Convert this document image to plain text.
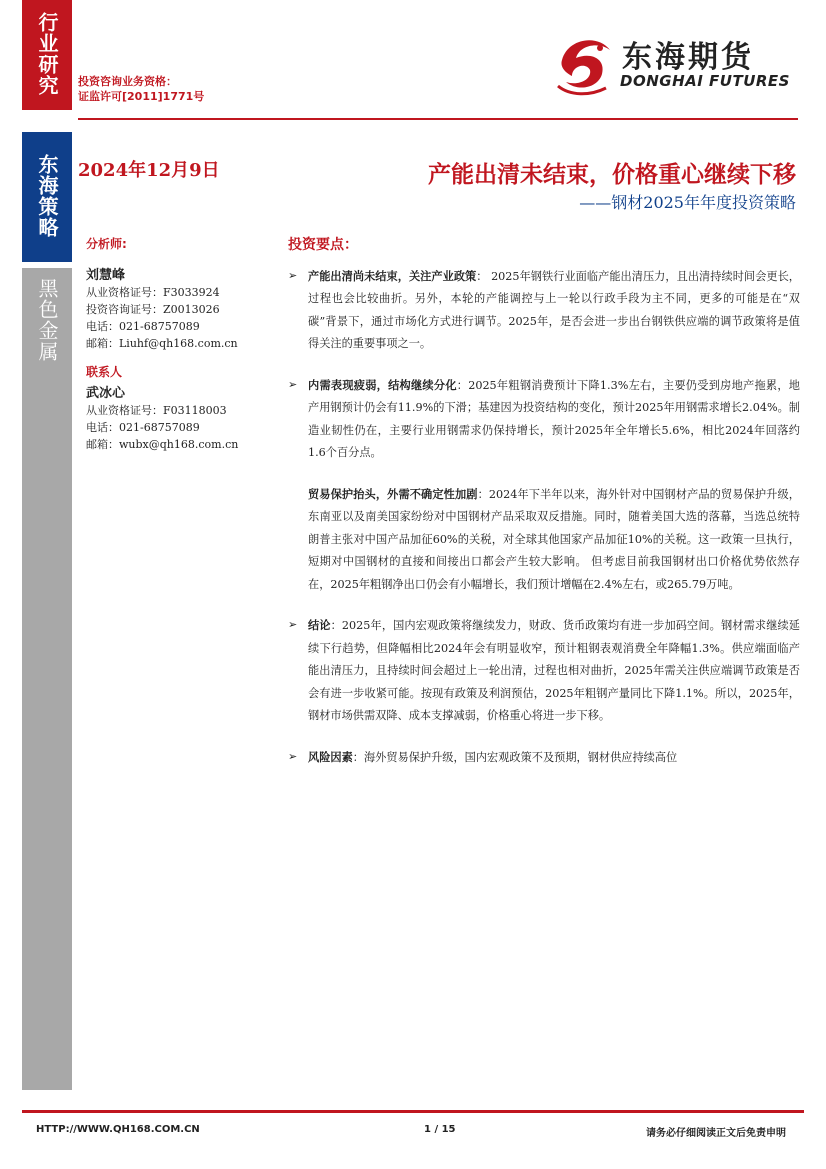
行业研究
东海策略
黑色金属
投资咨询业务资格：
证监许可[2011]1771号
东海期货
DONGHAI FUTURES
2024年12月9日	产能出清未结束，价格重心继续下移
——钢材2025年年度投资策略
分析师:
刘慧峰
从业资格证号：F3033924
投资咨询证号：Z0013026
电话：021-68757089
邮箱：Liuhf@qh168.com.cn
联系人
武冰心
从业资格证号：F03118003
电话：021-68757089
邮箱：wubx@qh168.com.cn
投资要点：
➢ 产能出清尚未结束，关注产业政策： 2025年钢铁行业面临产能出清压力，且出清持续时间会更长，过程也会比较曲折。另外，本轮的产能调控与上一轮以行政手段为主不同，更多的可能是在“双碳”背景下，通过市场化方式进行调节。2025年，是否会进一步出台钢铁供应端的调节政策将是值得关注的重要事项之一。
➢ 内需表现疲弱，结构继续分化：2025年粗钢消费预计下降1.3%左右，主要仍受到房地产拖累，地产用钢预计仍会有11.9%的下滑；基建因为投资结构的变化，预计2025年用钢需求增长2.04%。制造业韧性仍在，主要行业用钢需求仍保持增长，预计2025年全年增长5.6%，相比2024年回落约1.6个百分点。
贸易保护抬头，外需不确定性加剧：2024年下半年以来，海外针对中国钢材产品的贸易保护升级，东南亚以及南美国家纷纷对中国钢材产品采取双反措施。同时，随着美国大选的落幕，当选总统特朗普主张对中国产品加征60%的关税，对全球其他国家产品加征10%的关税。这一政策一旦执行，短期对中国钢材的直接和间接出口都会产生较大影响。 但考虑目前我国钢材出口价格优势依然存在，2025年粗钢净出口仍会有小幅增长，我们预计增幅在2.4%左右，或265.79万吨。
➢ 结论：2025年，国内宏观政策将继续发力，财政、货币政策均有进一步加码空间。钢材需求继续延续下行趋势，但降幅相比2024年会有明显收窄，预计粗钢表观消费全年降幅1.3%。供应端面临产能出清压力，且持续时间会超过上一轮出清，过程也相对曲折，2025年需关注供应端调节政策是否会有进一步收紧可能。按现有政策及利润预估，2025年粗钢产量同比下降1.1%。所以，2025年，钢材市场供需双降、成本支撑减弱，价格重心将进一步下移。
➢ 风险因素：海外贸易保护升级，国内宏观政策不及预期，钢材供应持续高位
HTTP://WWW.QH168.COM.CN	1 / 15	请务必仔细阅读正文后免责申明
